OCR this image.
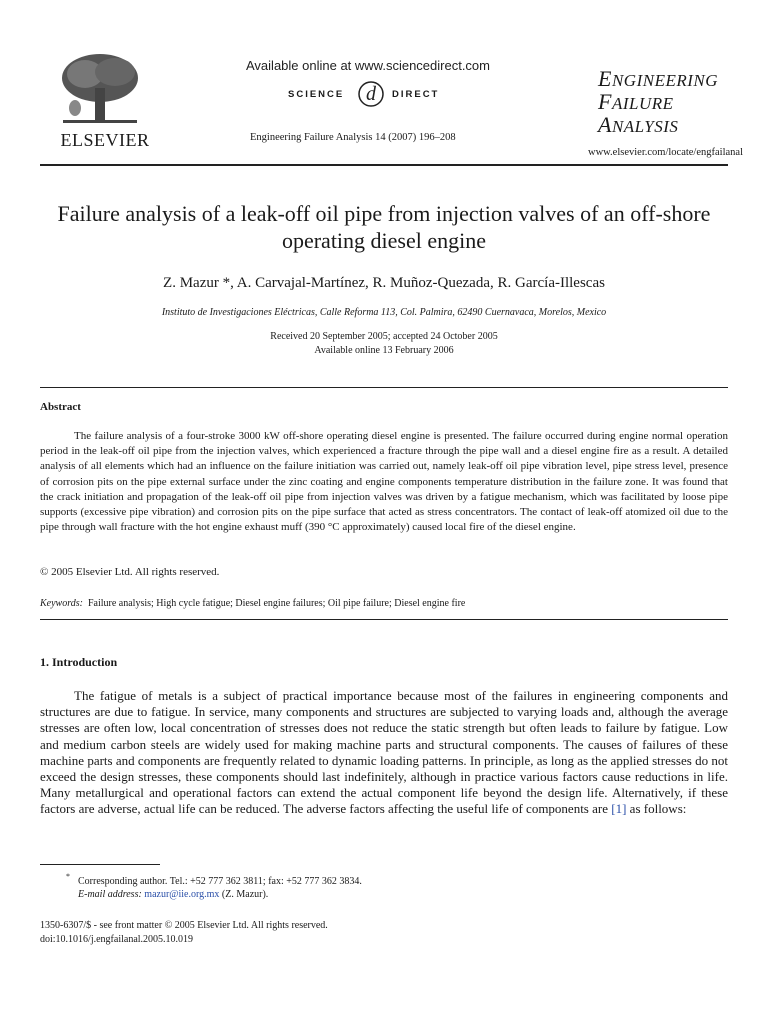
ELSEVIER
Available online at www.sciencedirect.com
SCIENCE d DIRECT
Engineering Failure Analysis 14 (2007) 196–208
ENGINEERING
FAILURE
ANALYSIS
www.elsevier.com/locate/engfailanal
Failure analysis of a leak-off oil pipe from injection valves of an off-shore operating diesel engine
Z. Mazur *, A. Carvajal-Martínez, R. Muñoz-Quezada, R. García-Illescas
Instituto de Investigaciones Eléctricas, Calle Reforma 113, Col. Palmira, 62490 Cuernavaca, Morelos, Mexico
Received 20 September 2005; accepted 24 October 2005
Available online 13 February 2006
Abstract
The failure analysis of a four-stroke 3000 kW off-shore operating diesel engine is presented. The failure occurred during engine normal operation period in the leak-off oil pipe from the injection valves, which experienced a fracture through the pipe wall and a diesel engine fire as a result. A detailed analysis of all elements which had an influence on the failure initiation was carried out, namely leak-off oil pipe vibration level, pipe stress level, presence of corrosion pits on the pipe external surface under the zinc coating and engine components temperature distribution in the failure zone. It was found that the crack initiation and propagation of the leak-off oil pipe from injection valves was driven by a fatigue mechanism, which was facilitated by loose pipe supports (excessive pipe vibration) and corrosion pits on the pipe surface that acted as stress concentrators. The contact of leak-off atomized oil due to the pipe through wall fracture with the hot engine exhaust muff (390 °C approximately) caused local fire of the diesel engine.
© 2005 Elsevier Ltd. All rights reserved.
Keywords: Failure analysis; High cycle fatigue; Diesel engine failures; Oil pipe failure; Diesel engine fire
1. Introduction
The fatigue of metals is a subject of practical importance because most of the failures in engineering components and structures are due to fatigue. In service, many components and structures are subjected to varying loads and, although the average stresses are often low, local concentration of stresses does not reduce the static strength but often leads to failure by fatigue. Low and medium carbon steels are widely used for making machine parts and structural components. The causes of failures of these machine parts and components are frequently related to dynamic loading patterns. In principle, as long as the applied stresses do not exceed the design stresses, these components should last indefinitely, although in practice various factors cause reductions in life. Many metallurgical and operational factors can extend the actual component life beyond the design life. Alternatively, if these factors are adverse, actual life can be reduced. The adverse factors affecting the useful life of components are [1] as follows:
* Corresponding author. Tel.: +52 777 362 3811; fax: +52 777 362 3834.
E-mail address: mazur@iie.org.mx (Z. Mazur).
1350-6307/$ - see front matter © 2005 Elsevier Ltd. All rights reserved.
doi:10.1016/j.engfailanal.2005.10.019
